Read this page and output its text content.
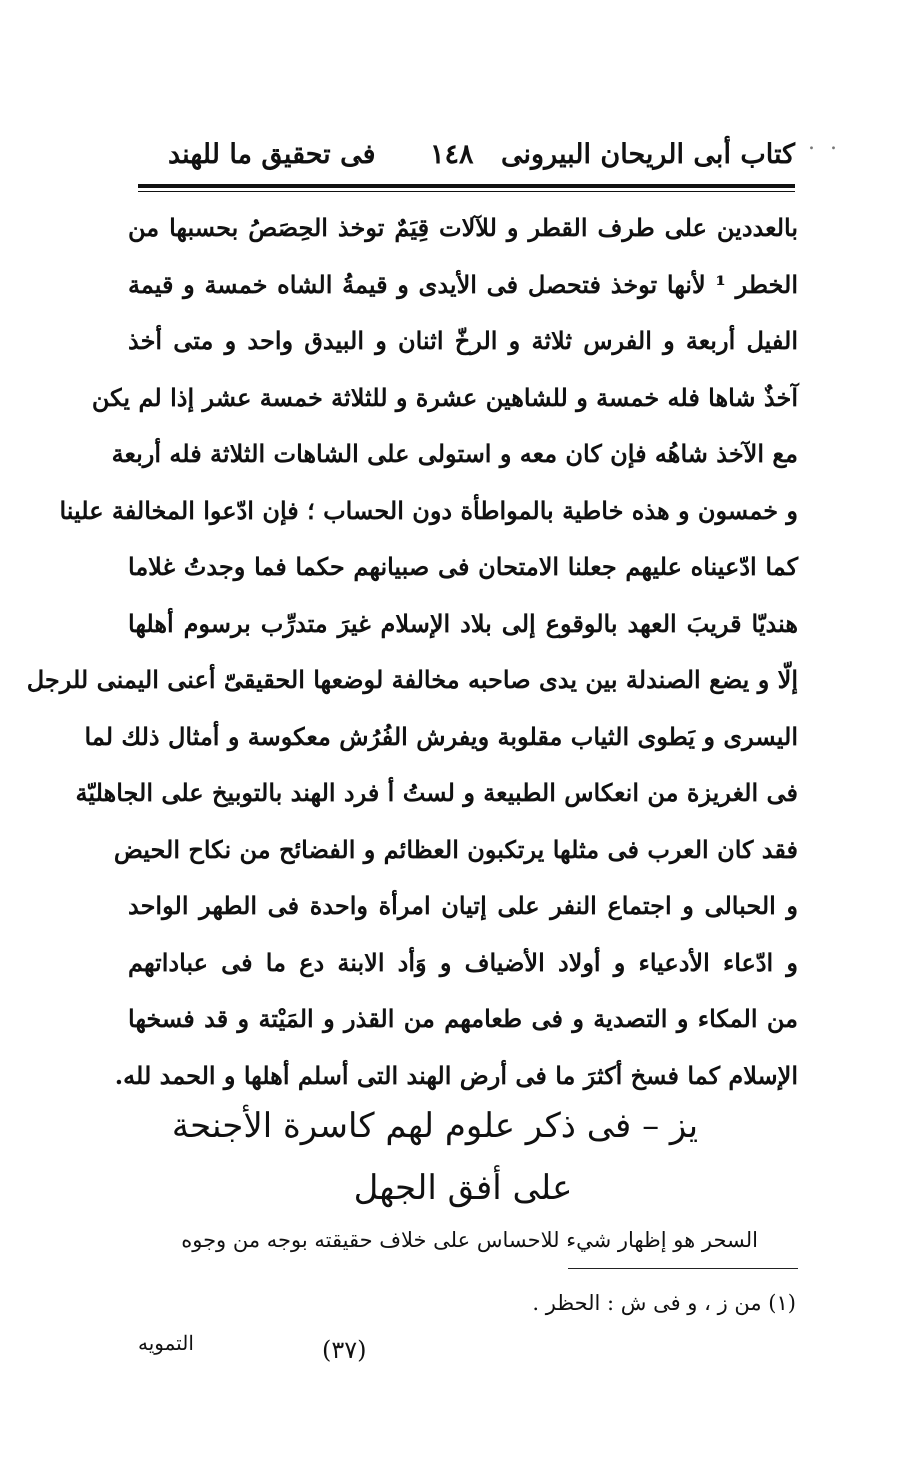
. .
كتاب أبى الريحان البيرونى
١٤٨
فى تحقيق ما للهند
بالعددين على طرف القطر و للآلات قِيَمٌ توخذ الحِصَصُ بحسبها من
الخطر ¹ لأنها توخذ فتحصل فى الأيدى و قيمةُ الشاه خمسة و قيمة
الفيل أربعة و الفرس ثلاثة و الرخّ اثنان و البيدق واحد و متى أخذ
آخذٌ شاها فله خمسة و للشاهين عشرة و للثلاثة خمسة عشر إذا لم يكن
مع الآخذ شاهُه فإن كان معه و استولى على الشاهات الثلاثة فله أربعة
و خمسون و هذه خاطية بالمواطأة دون الحساب ؛ فإن ادّعوا المخالفة علينا
كما ادّعيناه عليهم جعلنا الامتحان فى صبيانهم حكما فما وجدتُ غلاما
هنديّا قريبَ العهد بالوقوع إلى بلاد الإسلام غيرَ متدرِّب برسوم أهلها
إلّا و يضع الصندلة بين يدى صاحبه مخالفة لوضعها الحقيقىّ أعنى اليمنى للرجل
اليسرى و يَطوى الثياب مقلوبة ويفرش الفُرُش معكوسة و أمثال ذلك لما
فى الغريزة من انعكاس الطبيعة و لستُ أ فرد الهند بالتوبيخ على الجاهليّة
فقد كان العرب فى مثلها يرتكبون العظائم و الفضائح من نكاح الحيض
و الحبالى و اجتماع النفر على إتيان امرأة واحدة فى الطهر الواحد
و ادّعاء الأدعياء و أولاد الأضياف و وَأد الابنة دع ما فى عباداتهم
من المكاء و التصدية و فى طعامهم من القذر و المَيْتة و قد فسخها
الإسلام كما فسخ أكثرَ ما فى أرض الهند التى أسلم أهلها و الحمد لله.
يز – فى ذكر علوم لهم كاسرة الأجنحة
على أفق الجهل
السحر هو إظهار شيء للاحساس على خلاف حقيقته بوجه من وجوه
(١) من ز ، و فى ش : الحظر .
(٣٧)
التمويه
